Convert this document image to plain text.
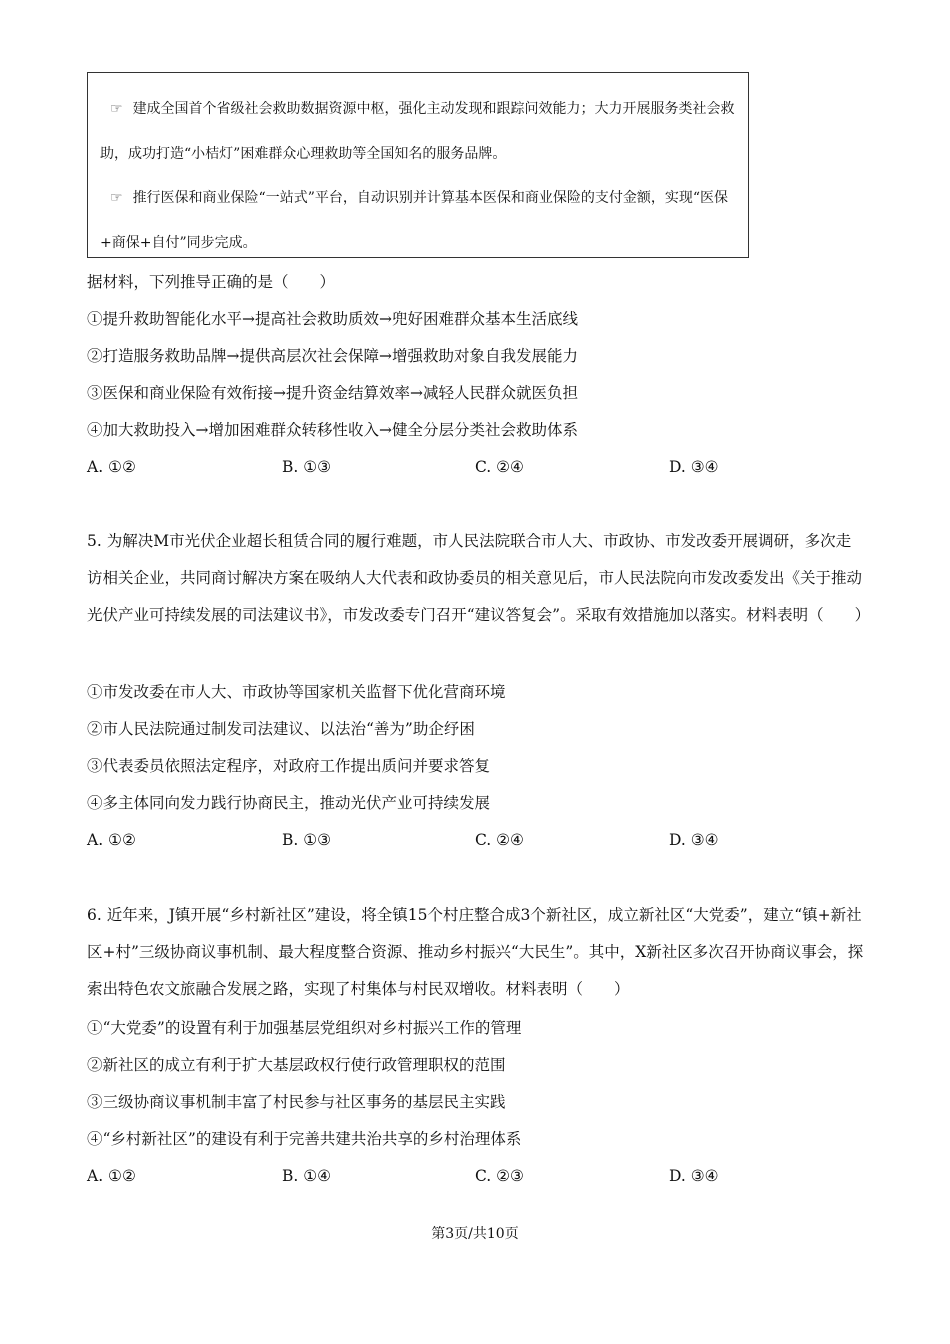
☞ 建成全国首个省级社会救助数据资源中枢，强化主动发现和跟踪问效能力；大力开展服务类社会救助，成功打造“小桔灯”困难群众心理救助等全国知名的服务品牌。

☞ 推行医保和商业保险“一站式”平台，自动识别并计算基本医保和商业保险的支付金额，实现“医保+商保+自付”同步完成。

据材料，下列推导正确的是（　　）
①提升救助智能化水平→提高社会救助质效→兜好困难群众基本生活底线
②打造服务救助品牌→提供高层次社会保障→增强救助对象自我发展能力
③医保和商业保险有效衔接→提升资金结算效率→减轻人民群众就医负担
④加大救助投入→增加困难群众转移性收入→健全分层分类社会救助体系
A. ①②	B. ①③	C. ②④	D. ③④

5. 为解决M市光伏企业超长租赁合同的履行难题，市人民法院联合市人大、市政协、市发改委开展调研，多次走访相关企业，共同商讨解决方案在吸纳人大代表和政协委员的相关意见后，市人民法院向市发改委发出《关于推动光伏产业可持续发展的司法建议书》，市发改委专门召开“建议答复会”。采取有效措施加以落实。材料表明（　　）

①市发改委在市人大、市政协等国家机关监督下优化营商环境
②市人民法院通过制发司法建议、以法治“善为”助企纾困
③代表委员依照法定程序，对政府工作提出质问并要求答复
④多主体同向发力践行协商民主，推动光伏产业可持续发展
A. ①②	B. ①③	C. ②④	D. ③④

6. 近年来，J镇开展“乡村新社区”建设，将全镇15个村庄整合成3个新社区，成立新社区“大党委”，建立“镇+新社区+村”三级协商议事机制、最大程度整合资源、推动乡村振兴“大民生”。其中，X新社区多次召开协商议事会，探索出特色农文旅融合发展之路，实现了村集体与村民双增收。材料表明（　　）

①“大党委”的设置有利于加强基层党组织对乡村振兴工作的管理
②新社区的成立有利于扩大基层政权行使行政管理职权的范围
③三级协商议事机制丰富了村民参与社区事务的基层民主实践
④“乡村新社区”的建设有利于完善共建共治共享的乡村治理体系
A. ①②	B. ①④	C. ②③	D. ③④
第3页/共10页
